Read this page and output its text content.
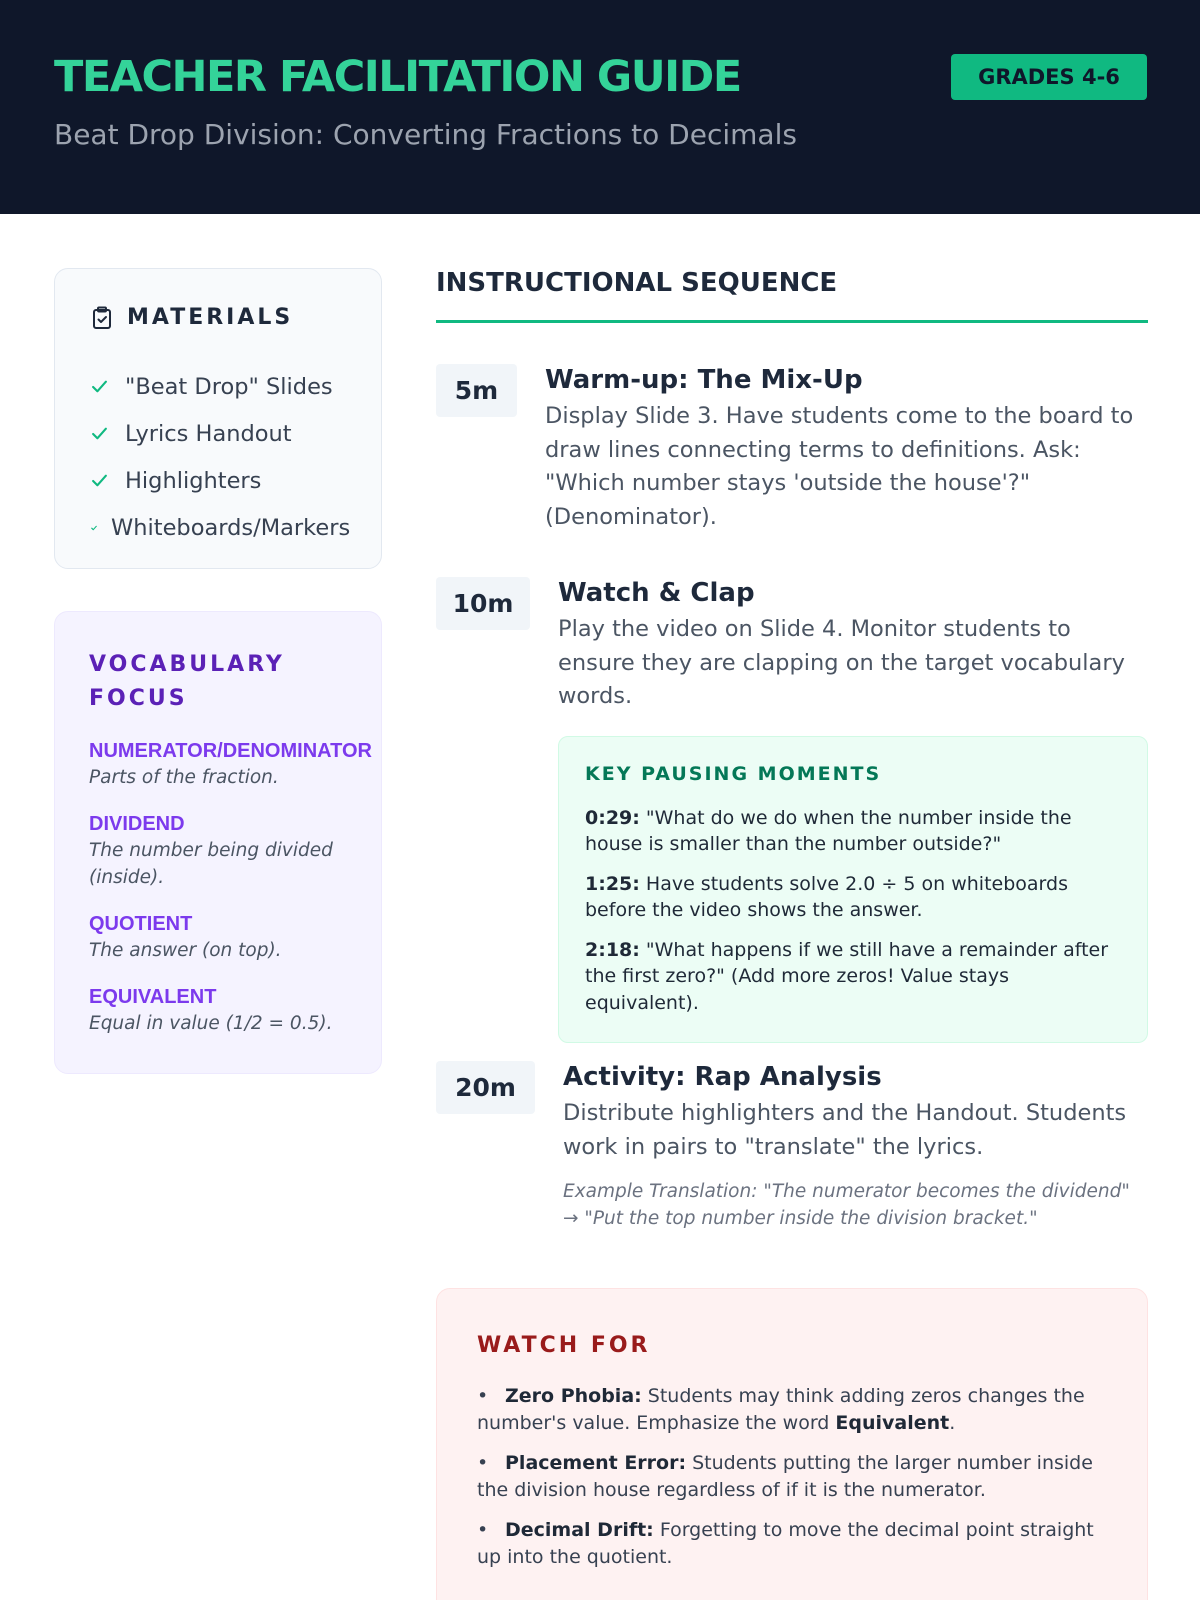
TEACHER FACILITATION GUIDE
Beat Drop Division: Converting Fractions to Decimals
GRADES 4-6
MATERIALS
"Beat Drop" Slides
Lyrics Handout
Highlighters
Whiteboards/Markers
VOCABULARY FOCUS
NUMERATOR/DENOMINATOR
Parts of the fraction.
DIVIDEND
The number being divided (inside).
QUOTIENT
The answer (on top).
EQUIVALENT
Equal in value (1/2 = 0.5).
INSTRUCTIONAL SEQUENCE
5m	Warm-up: The Mix-Up
Display Slide 3. Have students come to the board to draw lines connecting terms to definitions. Ask: "Which number stays 'outside the house'?" (Denominator).
10m	Watch & Clap
Play the video on Slide 4. Monitor students to ensure they are clapping on the target vocabulary words.
KEY PAUSING MOMENTS
0:29: "What do we do when the number inside the house is smaller than the number outside?"
1:25: Have students solve 2.0 ÷ 5 on whiteboards before the video shows the answer.
2:18: "What happens if we still have a remainder after the first zero?" (Add more zeros! Value stays equivalent).
20m	Activity: Rap Analysis
Distribute highlighters and the Handout. Students work in pairs to "translate" the lyrics.
Example Translation: "The numerator becomes the dividend" → "Put the top number inside the division bracket."
WATCH FOR
• Zero Phobia: Students may think adding zeros changes the number's value. Emphasize the word Equivalent.
• Placement Error: Students putting the larger number inside the division house regardless of if it is the numerator.
• Decimal Drift: Forgetting to move the decimal point straight up into the quotient.
